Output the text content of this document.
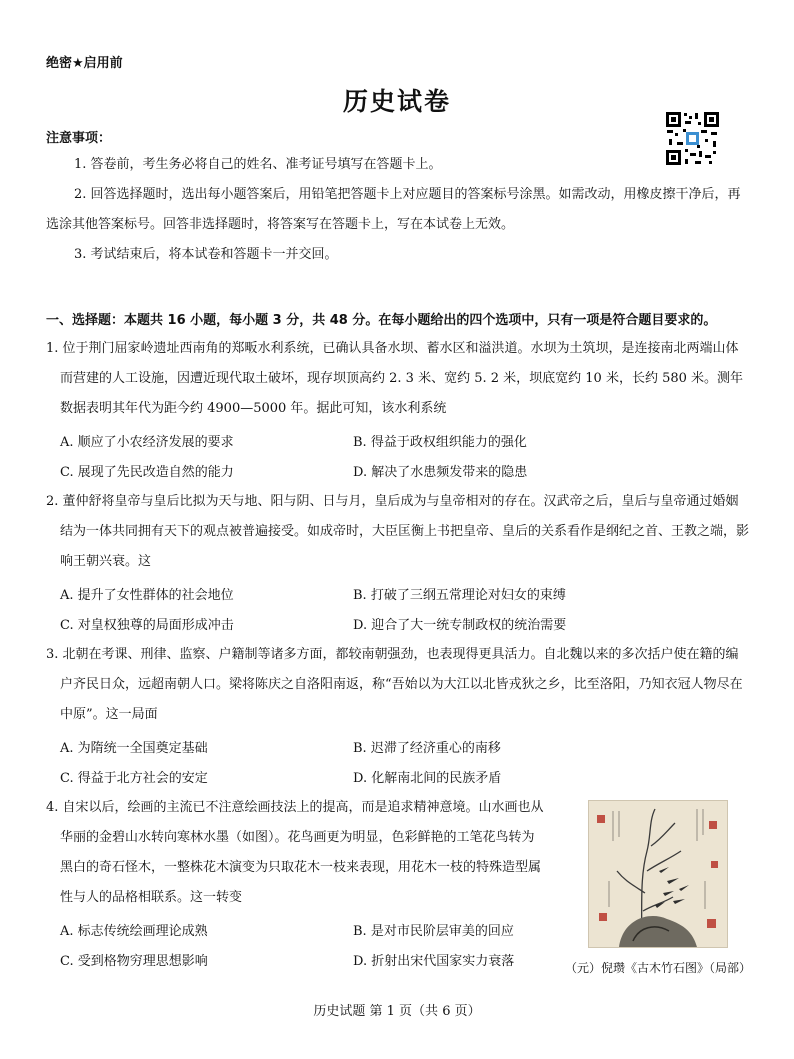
绝密★启用前
历史试卷
注意事项：
1. 答卷前，考生务必将自己的姓名、准考证号填写在答题卡上。
2. 回答选择题时，选出每小题答案后，用铅笔把答题卡上对应题目的答案标号涂黑。如需改动，用橡皮擦干净后，再选涂其他答案标号。回答非选择题时，将答案写在答题卡上，写在本试卷上无效。
3. 考试结束后，将本试卷和答题卡一并交回。
一、选择题：本题共 16 小题，每小题 3 分，共 48 分。在每小题给出的四个选项中，只有一项是符合题目要求的。
1. 位于荆门屈家岭遗址西南角的郑畈水利系统，已确认具备水坝、蓄水区和溢洪道。水坝为土筑坝，是连接南北两端山体而营建的人工设施，因遭近现代取土破坏，现存坝顶高约 2. 3 米、宽约 5. 2 米，坝底宽约 10 米，长约 580 米。测年数据表明其年代为距今约 4900—5000 年。据此可知，该水利系统
A. 顺应了小农经济发展的要求	B. 得益于政权组织能力的强化
C. 展现了先民改造自然的能力	D. 解决了水患频发带来的隐患
2. 董仲舒将皇帝与皇后比拟为天与地、阳与阴、日与月，皇后成为与皇帝相对的存在。汉武帝之后，皇后与皇帝通过婚姻结为一体共同拥有天下的观点被普遍接受。如成帝时，大臣匡衡上书把皇帝、皇后的关系看作是纲纪之首、王教之端，影响王朝兴衰。这
A. 提升了女性群体的社会地位	B. 打破了三纲五常理论对妇女的束缚
C. 对皇权独尊的局面形成冲击	D. 迎合了大一统专制政权的统治需要
3. 北朝在考课、刑律、监察、户籍制等诸多方面，都较南朝强劲，也表现得更具活力。自北魏以来的多次括户使在籍的编户齐民日众，远超南朝人口。梁将陈庆之自洛阳南返，称“吾始以为大江以北皆戎狄之乡，比至洛阳，乃知衣冠人物尽在中原”。这一局面
A. 为隋统一全国奠定基础	B. 迟滞了经济重心的南移
C. 得益于北方社会的安定	D. 化解南北间的民族矛盾
4. 自宋以后，绘画的主流已不注意绘画技法上的提高，而是追求精神意境。山水画也从华丽的金碧山水转向寒林水墨（如图）。花鸟画更为明显，色彩鲜艳的工笔花鸟转为黑白的奇石怪木，一整株花木演变为只取花木一枝来表现，用花木一枝的特殊造型属性与人的品格相联系。这一转变
A. 标志传统绘画理论成熟	B. 是对市民阶层审美的回应
C. 受到格物穷理思想影响	D. 折射出宋代国家实力衰落	（元）倪瓒《古木竹石图》（局部）
历史试题 第 1 页（共 6 页）
